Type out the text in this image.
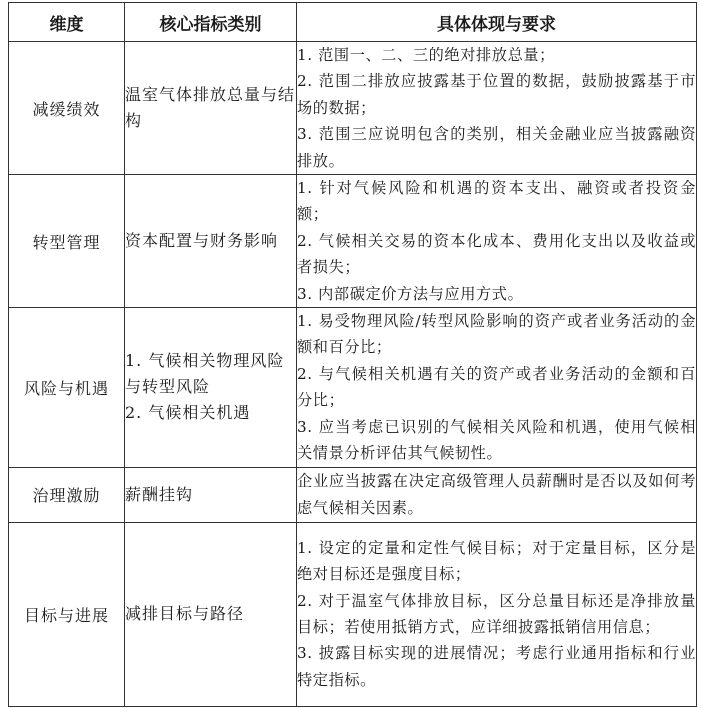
维度	核心指标类别	具体体现与要求
减缓绩效	温室气体排放总量与结构	1. 范围一、二、三的绝对排放总量；
2. 范围二排放应披露基于位置的数据，鼓励披露基于市场的数据；
3. 范围三应说明包含的类别，相关金融业应当披露融资排放。

转型管理	资本配置与财务影响	1. 针对气候风险和机遇的资本支出、融资或者投资金额；
2. 气候相关交易的资本化成本、费用化支出以及收益或者损失；
3. 内部碳定价方法与应用方式。

风险与机遇	1. 气候相关物理风险与转型风险
2. 气候相关机遇	1. 易受物理风险/转型风险影响的资产或者业务活动的金额和百分比；
2. 与气候相关机遇有关的资产或者业务活动的金额和百分比；
3. 应当考虑已识别的气候相关风险和机遇，使用气候相关情景分析评估其气候韧性。

治理激励	薪酬挂钩	企业应当披露在决定高级管理人员薪酬时是否以及如何考虑气候相关因素。

目标与进展	减排目标与路径	1. 设定的定量和定性气候目标；对于定量目标，区分是绝对目标还是强度目标；
2. 对于温室气体排放目标，区分总量目标还是净排放量目标；若使用抵销方式，应详细披露抵销信用信息；
3. 披露目标实现的进展情况；考虑行业通用指标和行业特定指标。
